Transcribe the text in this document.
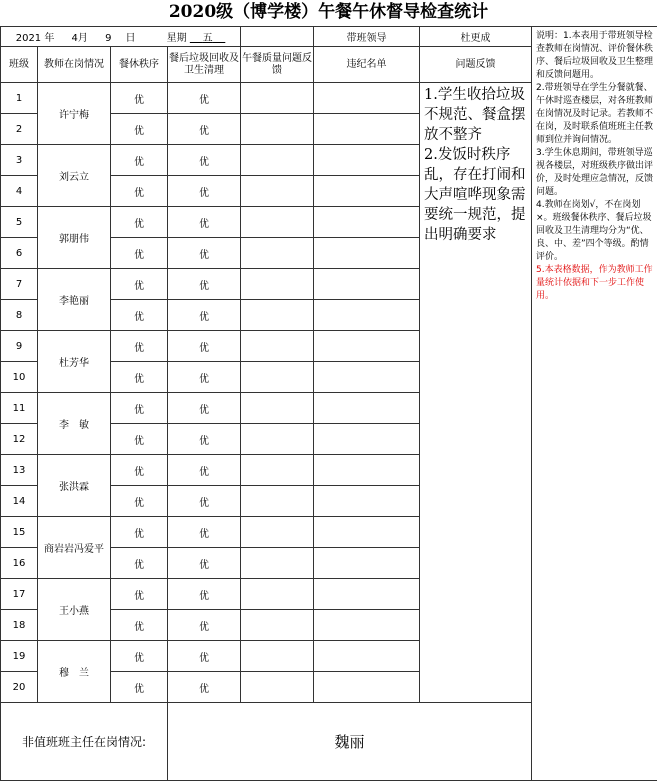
2020级（博学楼）午餐午休督导检查统计
2021 年 4月 9 日 星期 五					带班领导	杜更成	说明：1.本表用于带班领导检查教师在岗情况、评价餐休秩序、餐后垃圾回收及卫生整理和反馈问题用。
2.带班领导在学生分餐就餐、午休时巡查楼层，对各班教师在岗情况及时记录。若教师不在岗，及时联系值班班主任教师到位并询问情况。
3.学生休息期间，带班领导巡视各楼层，对班级秩序做出评价，及时处理应急情况，反馈问题。
4.教师在岗划√，不在岗划×。班级餐休秩序、餐后垃圾回收及卫生清理均分为“优、良、中、差”四个等级。酌情评价。
5.本表格数据，作为教师工作量统计依据和下一步工作使用。

班级	教师在岗情况	餐休秩序	餐后垃圾回收及卫生清理	午餐质量问题反馈	违纪名单	问题反馈	
1	许宁梅	优	优			1.学生收拾垃圾不规范、餐盒摆放不整齐
2.发饭时秩序乱，存在打闹和大声喧哗现象需要统一规范，提出明确要求	

2		优	优				
3	刘云立	优	优				
4		优	优				
5	郭朋伟	优	优				
6		优	优				
7	李艳丽	优	优				
8		优	优				
9	杜芳华	优	优				
10		优	优				
11	李　敏	优	优				
12		优	优				
13	张洪霖	优	优				
14		优	优				
15	商岩岩冯爱平	优	优				
16		优	优				
17	王小燕	优	优				
18		优	优				
19	穆　兰	优	优				
20		优	优				
非值班班主任在岗情况:			魏丽				
